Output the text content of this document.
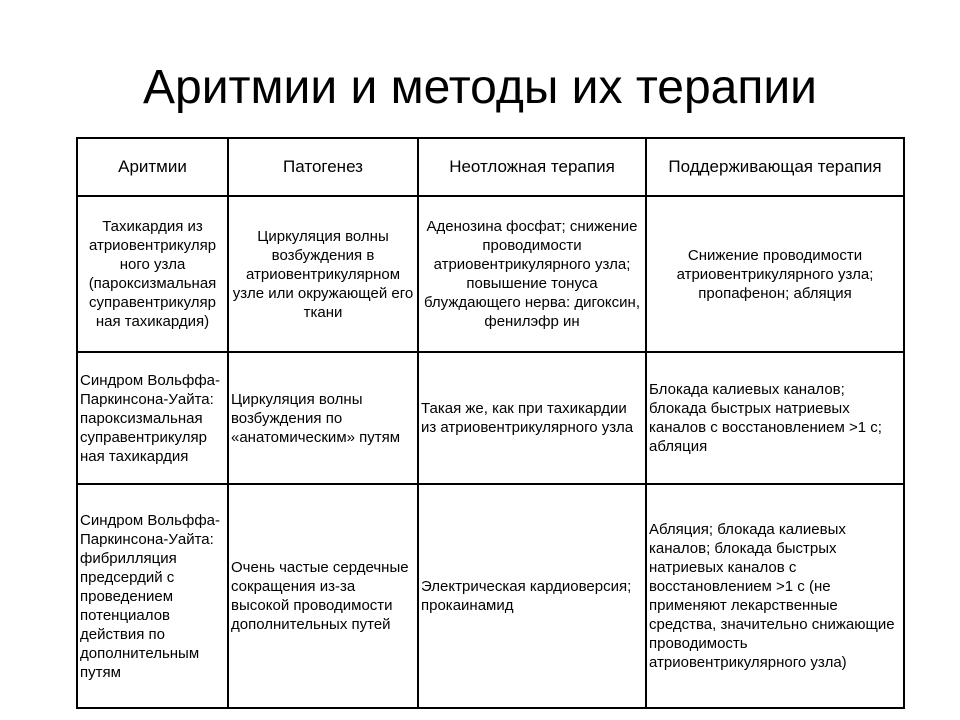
Аритмии и методы их терапии
Аритмии	Патогенез	Неотложная терапия	Поддерживающая терапия
Тахикардия из атриовентрикуляр ного узла (пароксизмальная суправентрикуляр ная тахикардия)	Циркуляция волны возбуждения в атриовентрикулярном узле или окружающей его ткани	Аденозина фосфат; снижение проводимости атриовентрикулярного узла; повышение тонуса блуждающего нерва: дигоксин, фенилэфр ин	Снижение проводимости атриовентрикулярного узла; пропафенон; абляция
Синдром Вольффа-Паркинсона-Уайта: пароксизмальная суправентрикуляр ная тахикардия	Циркуляция волны возбуждения по «анатомическим» путям	Такая же, как при тахикардии из атриовентрикулярного узла	Блокада калиевых каналов; блокада быстрых натриевых каналов с восстановлением >1 с; абляция
Синдром Вольффа-Паркинсона-Уайта: фибрилляция предсердий с проведением потенциалов действия по дополнительным путям	Очень частые сердечные сокращения из-за высокой проводимости дополнительных путей	Электрическая кардиоверсия; прокаинамид	Абляция; блокада калиевых каналов; блокада быстрых натриевых каналов с восстановлением >1 с (не применяют лекарственные средства, значительно снижающие проводимость атриовентрикулярного узла)
